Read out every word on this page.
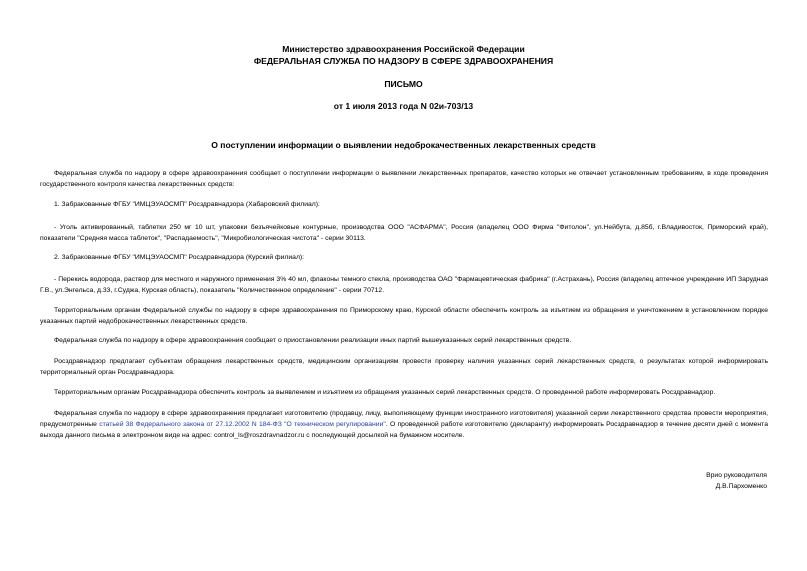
Министерство здравоохранения Российской Федерации
ФЕДЕРАЛЬНАЯ СЛУЖБА ПО НАДЗОРУ В СФЕРЕ ЗДРАВООХРАНЕНИЯ
ПИСЬМО
от 1 июля 2013 года N 02и-703/13
О поступлении информации о выявлении недоброкачественных лекарственных средств
Федеральная служба по надзору в сфере здравоохранения сообщает о поступлении информации о выявлении лекарственных препаратов, качество которых не отвечает установленным требованиям, в ходе проведения государственного контроля качества лекарственных средств:
1. Забракованные ФГБУ "ИМЦЭУАОСМП" Росздравнадзора (Хабаровский филиал):
- Уголь активированный, таблетки 250 мг 10 шт, упаковки безъячейковые контурные, производства ООО "АСФАРМА", Россия (владелец ООО Фирма "Фитолон", ул.Нейбута, д.85б, г.Владивосток, Приморский край), показатели "Средняя масса таблеток", "Распадаемость", "Микробиологическая чистота" - серии 30113.
2. Забракованные ФГБУ "ИМЦЭУАОСМП" Росздравнадзора (Курский филиал):
- Перекись водорода, раствор для местного и наружного применения 3% 40 мл, флаконы темного стекла, производства ОАО "Фармацевтическая фабрика" (г.Астрахань), Россия (владелец аптечное учреждение ИП Зарудная Г.В., ул.Энгельса, д.33, г.Суджа, Курская область), показатель "Количественное определение" - серии 70712.
Территориальным органам Федеральной службы по надзору в сфере здравоохранения по Приморскому краю, Курской области обеспечить контроль за изъятием из обращения и уничтожением в установленном порядке указанных партий недоброкачественных лекарственных средств.
Федеральная служба по надзору в сфере здравоохранения сообщает о приостановлении реализации иных партий вышеуказанных серий лекарственных средств.
Росздравнадзор предлагает субъектам обращения лекарственных средств, медицинским организациям провести проверку наличия указанных серий лекарственных средств, о результатах которой информировать территориальный орган Росздравнадзора.
Территориальным органам Росздравнадзора обеспечить контроль за выявлением и изъятием из обращения указанных серий лекарственных средств. О проведенной работе информировать Росздравнадзор.
Федеральная служба по надзору в сфере здравоохранения предлагает изготовителю (продавцу, лицу, выполняющему функции иностранного изготовителя) указанной серии лекарственного средства провести мероприятия, предусмотренные статьей 38 Федерального закона от 27.12.2002 N 184-ФЗ "О техническом регулировании". О проведенной работе изготовителю (декларанту) информировать Росздравнадзор в течение десяти дней с момента выхода данного письма в электронном виде на адрес: control_ls@roszdravnadzor.ru с последующей досылкой на бумажном носителе.
Врио руководителя
Д.В.Пархоменко
